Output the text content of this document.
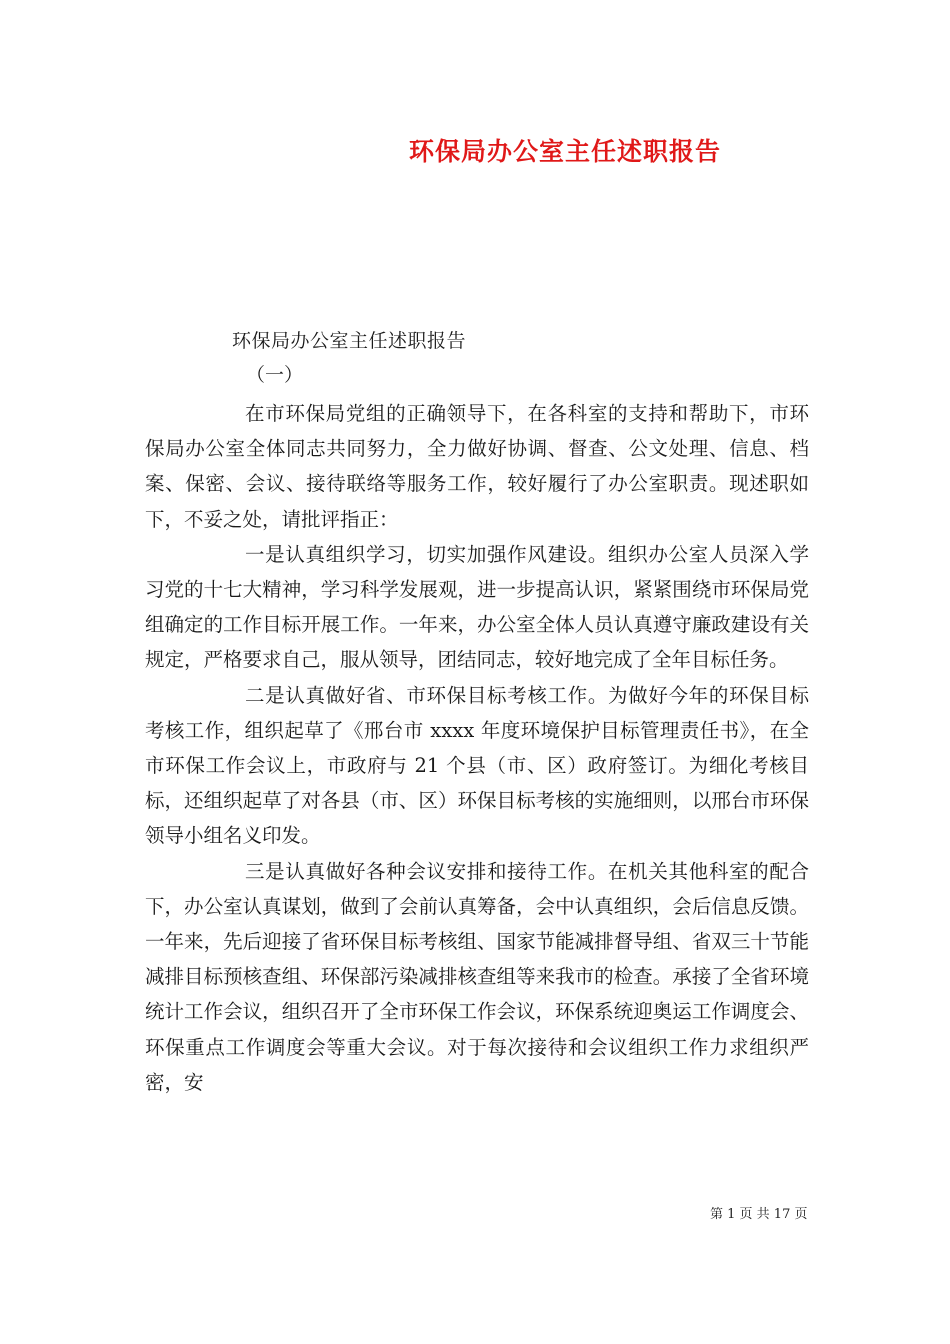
环保局办公室主任述职报告
环保局办公室主任述职报告
（一）

在市环保局党组的正确领导下，在各科室的支持和帮助下，市环保局办公室全体同志共同努力，全力做好协调、督查、公文处理、信息、档案、保密、会议、接待联络等服务工作，较好履行了办公室职责。现述职如下，不妥之处，请批评指正：

一是认真组织学习，切实加强作风建设。组织办公室人员深入学习党的十七大精神，学习科学发展观，进一步提高认识，紧紧围绕市环保局党组确定的工作目标开展工作。一年来，办公室全体人员认真遵守廉政建设有关规定，严格要求自己，服从领导，团结同志，较好地完成了全年目标任务。

二是认真做好省、市环保目标考核工作。为做好今年的环保目标考核工作，组织起草了《邢台市 xxxx 年度环境保护目标管理责任书》，在全市环保工作会议上，市政府与 21 个县（市、区）政府签订。为细化考核目标，还组织起草了对各县（市、区）环保目标考核的实施细则，以邢台市环保领导小组名义印发。

三是认真做好各种会议安排和接待工作。在机关其他科室的配合下，办公室认真谋划，做到了会前认真筹备，会中认真组织，会后信息反馈。一年来，先后迎接了省环保目标考核组、国家节能减排督导组、省双三十节能减排目标预核查组、环保部污染减排核查组等来我市的检查。承接了全省环境统计工作会议，组织召开了全市环保工作会议，环保系统迎奥运工作调度会、环保重点工作调度会等重大会议。对于每次接待和会议组织工作力求组织严密，安

第 1 页 共 17 页
